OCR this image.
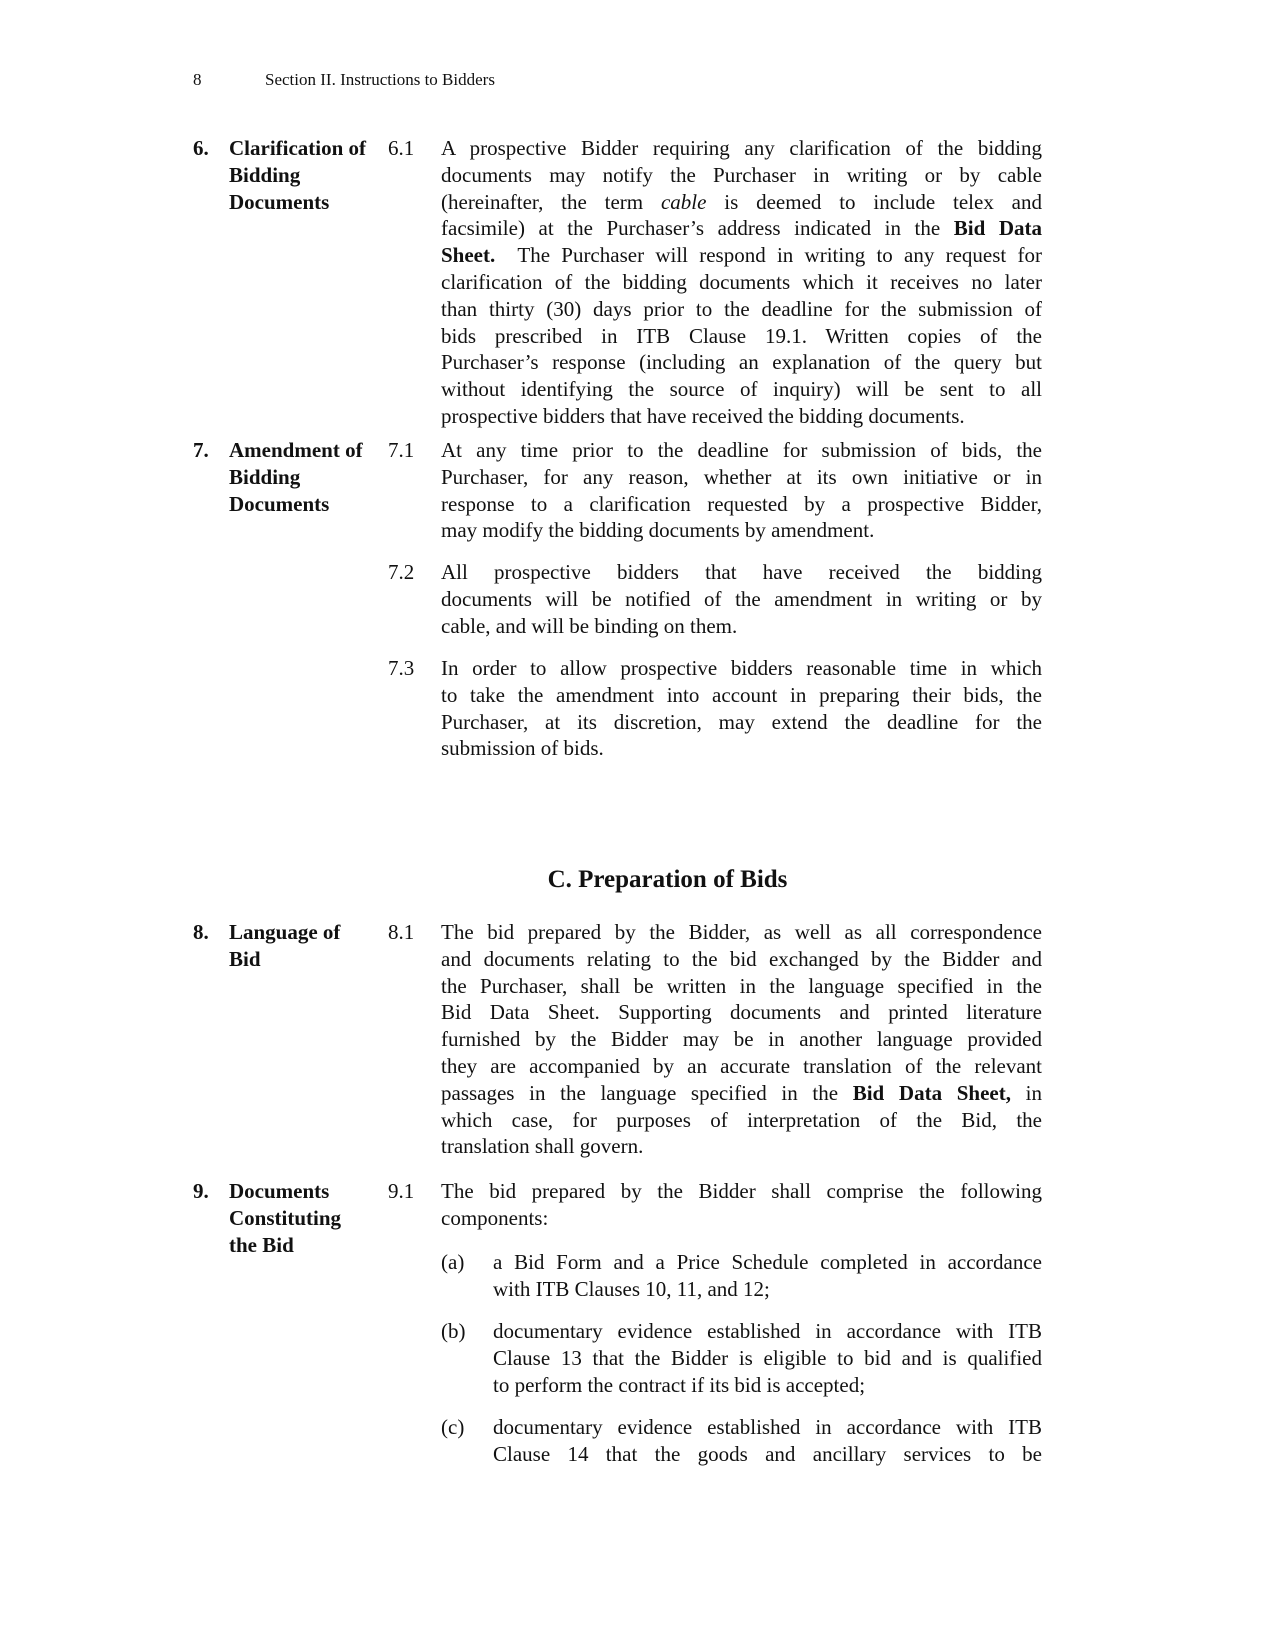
8	Section II. Instructions to Bidders
6. Clarification of Bidding Documents
6.1 A prospective Bidder requiring any clarification of the bidding
documents may notify the Purchaser in writing or by cable
(hereinafter, the term cable is deemed to include telex and
facsimile) at the Purchaser’s address indicated in the Bid Data
Sheet.  The Purchaser will respond in writing to any request for
clarification of the bidding documents which it receives no later
than thirty (30) days prior to the deadline for the submission of
bids prescribed in ITB Clause 19.1. Written copies of the
Purchaser’s response (including an explanation of the query but
without identifying the source of inquiry) will be sent to all
prospective bidders that have received the bidding documents.
7. Amendment of Bidding Documents
7.1 At any time prior to the deadline for submission of bids, the
Purchaser, for any reason, whether at its own initiative or in
response to a clarification requested by a prospective Bidder,
may modify the bidding documents by amendment.
7.2 All prospective bidders that have received the bidding
documents will be notified of the amendment in writing or by
cable, and will be binding on them.
7.3 In order to allow prospective bidders reasonable time in which
to take the amendment into account in preparing their bids, the
Purchaser, at its discretion, may extend the deadline for the
submission of bids.
C. Preparation of Bids
8. Language of Bid
8.1 The bid prepared by the Bidder, as well as all correspondence
and documents relating to the bid exchanged by the Bidder and
the Purchaser, shall be written in the language specified in the
Bid Data Sheet. Supporting documents and printed literature
furnished by the Bidder may be in another language provided
they are accompanied by an accurate translation of the relevant
passages in the language specified in the Bid Data Sheet, in
which case, for purposes of interpretation of the Bid, the
translation shall govern.
9. Documents Constituting the Bid
9.1 The bid prepared by the Bidder shall comprise the following
components:
(a) a Bid Form and a Price Schedule completed in accordance
with ITB Clauses 10, 11, and 12;
(b) documentary evidence established in accordance with ITB
Clause 13 that the Bidder is eligible to bid and is qualified
to perform the contract if its bid is accepted;
(c) documentary evidence established in accordance with ITB
Clause 14 that the goods and ancillary services to be
